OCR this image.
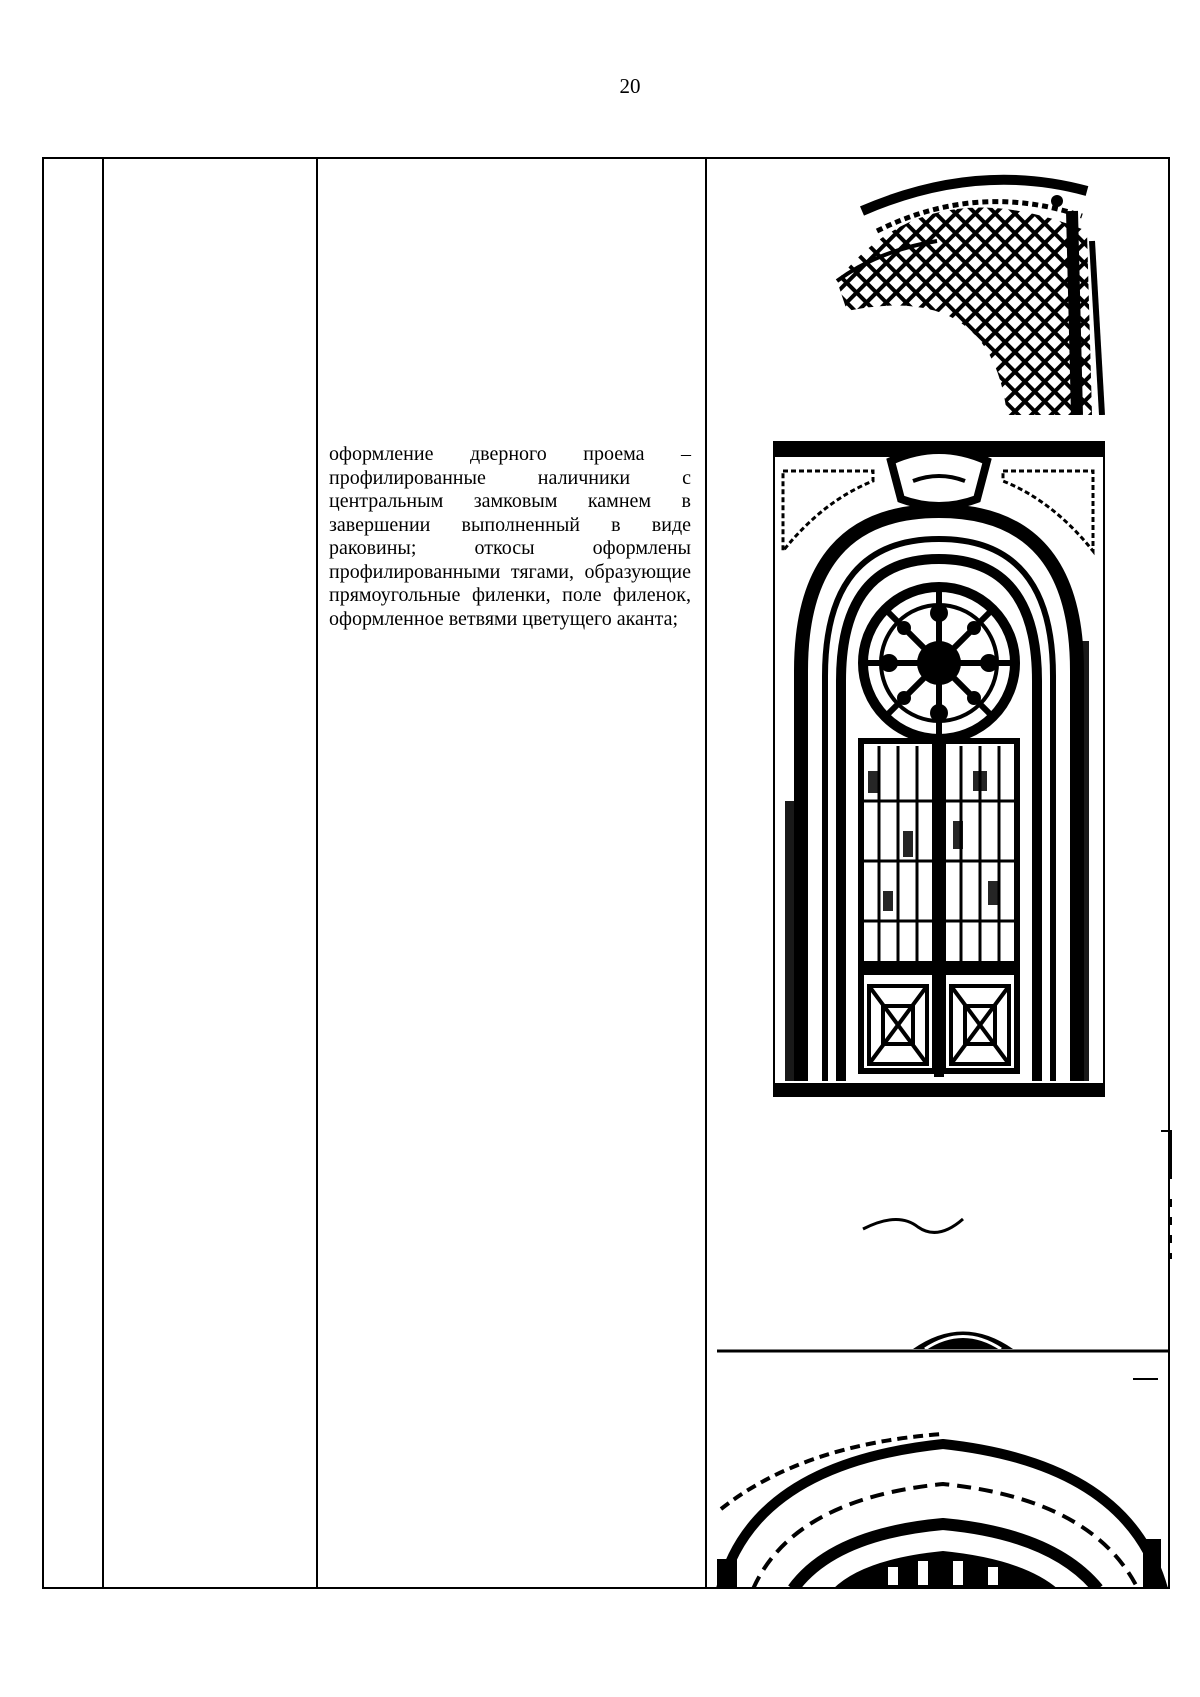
20
оформление дверного проема – профилированные наличники с центральным замковым камнем в завершении выполненный в виде раковины; откосы оформлены профилированными тягами, образующие прямоугольные филенки, поле филенок, оформленное ветвями цветущего аканта;
